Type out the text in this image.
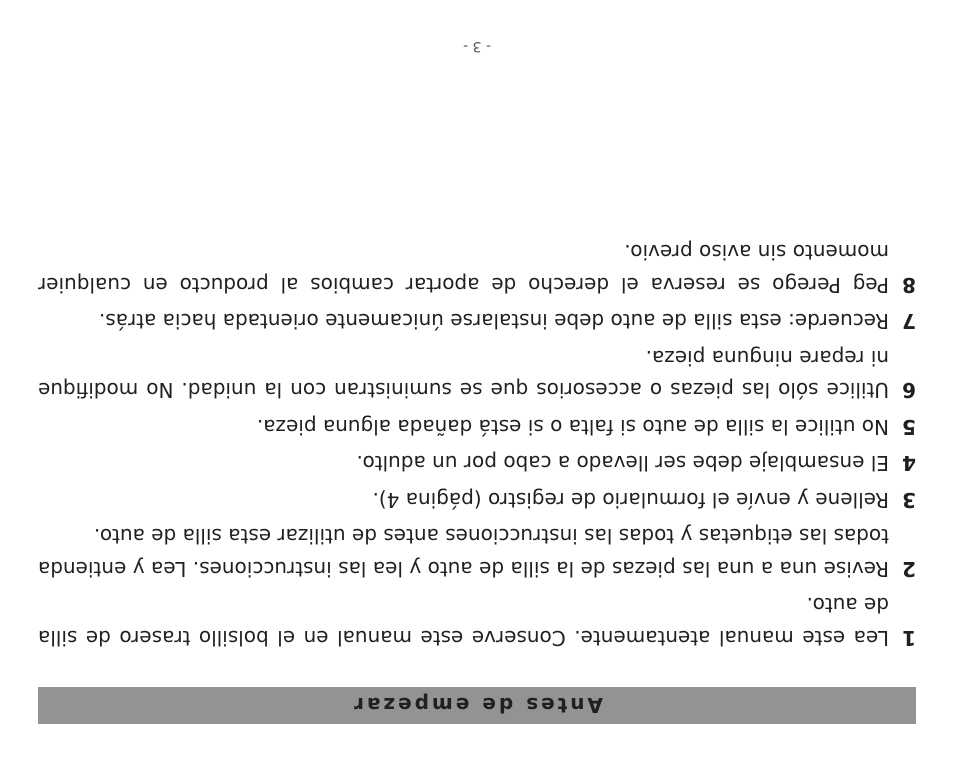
Antes de empezar
1
Lea este manual atentamente. Conserve este manual en el bolsillo trasero de silla de auto.
2
Revise una a una las piezas de la silla de auto y lea las instrucciones. Lea y entienda todas las etiquetas y todas las instrucciones antes de utilizar esta silla de auto.
3
Rellene y envíe el formulario de registro (página 4).
4
El ensamblaje debe ser llevado a cabo por un adulto.
5
No utilice la silla de auto si falta o si está dañada alguna pieza.
6
Utilice sólo las piezas o accesorios que se suministran con la unidad. No modifique ni repare ninguna pieza.
7
Recuerde: esta silla de auto debe instalarse únicamente orientada hacia atrás.
8
Peg Perego se reserva el derecho de aportar cambios al producto en cualquier momento sin aviso previo.
- 3 -
